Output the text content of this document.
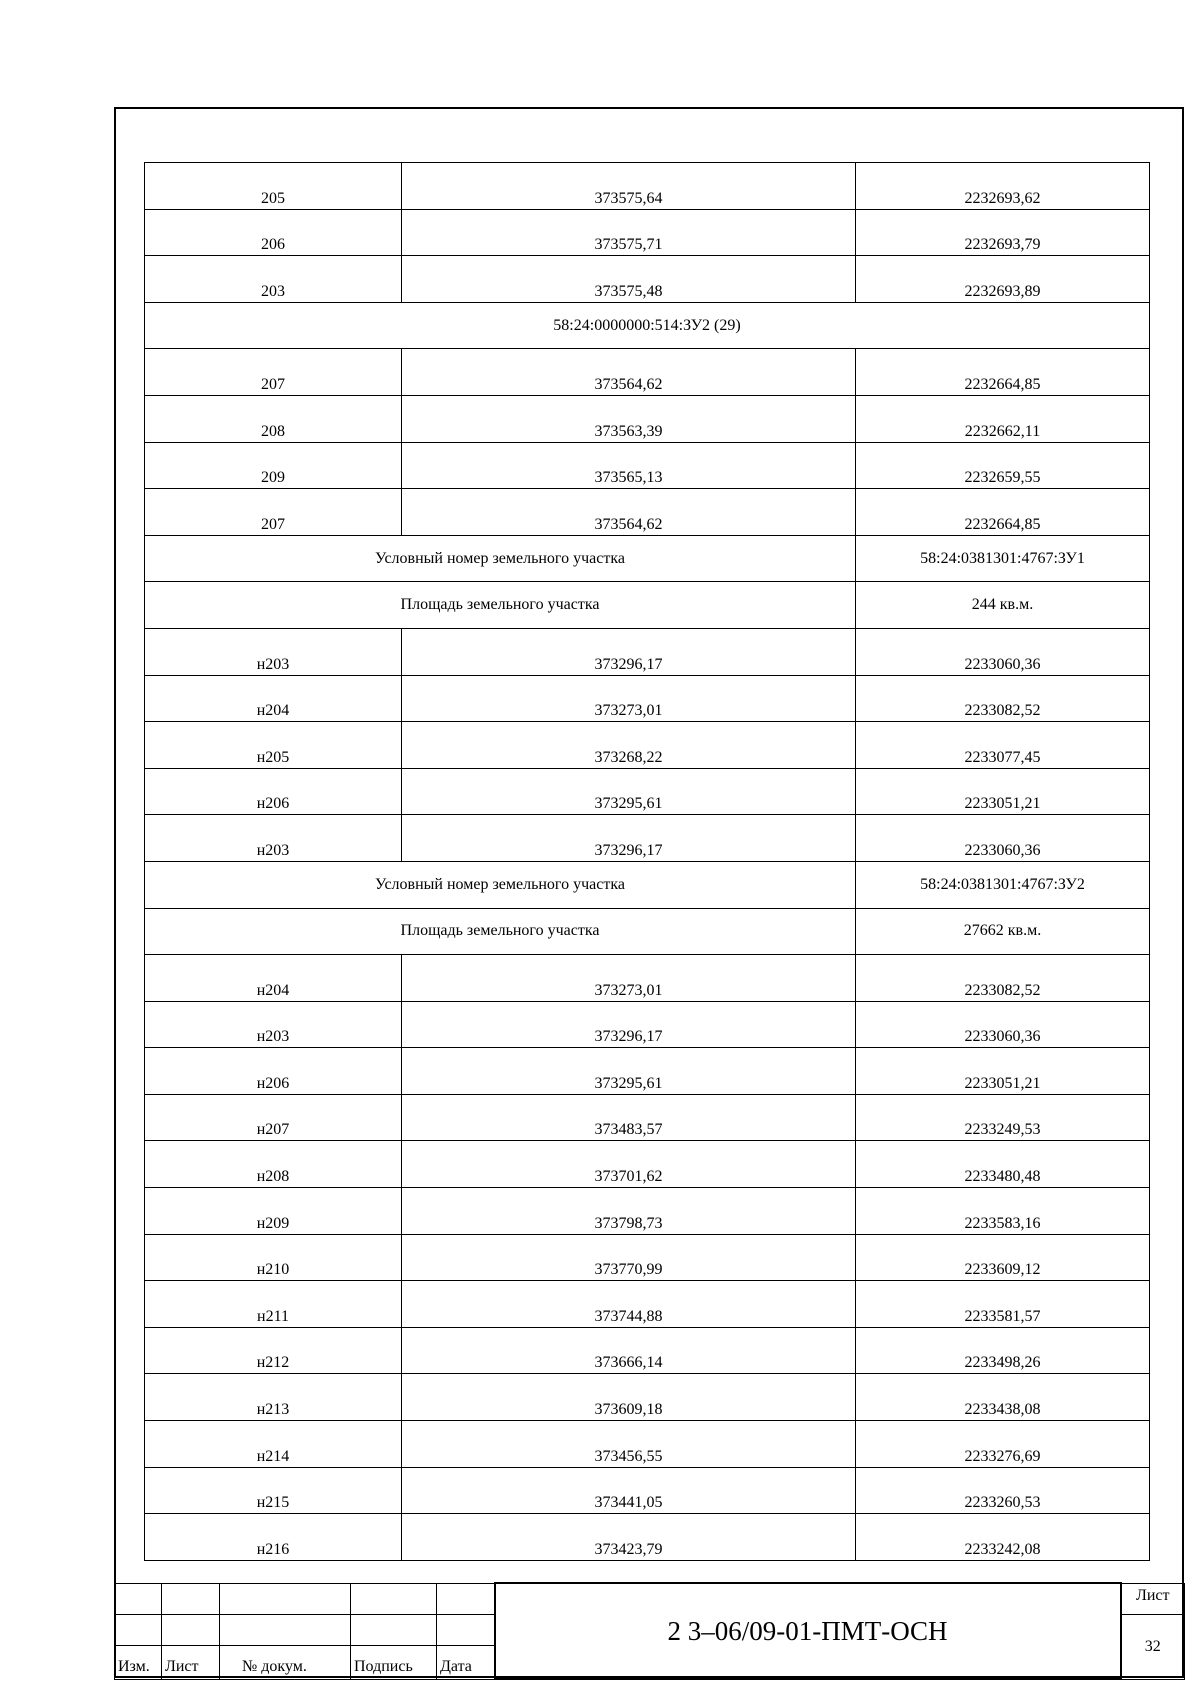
205	373575,64	2232693,62
206	373575,71	2232693,79
203	373575,48	2232693,89
58:24:0000000:514:ЗУ2 (29)		
207	373564,62	2232664,85
208	373563,39	2232662,11
209	373565,13	2232659,55
207	373564,62	2232664,85
Условный номер земельного участка		58:24:0381301:4767:ЗУ1
Площадь земельного участка		244 кв.м.
н203	373296,17	2233060,36
н204	373273,01	2233082,52
н205	373268,22	2233077,45
н206	373295,61	2233051,21
н203	373296,17	2233060,36
Условный номер земельного участка		58:24:0381301:4767:ЗУ2
Площадь земельного участка		27662 кв.м.
н204	373273,01	2233082,52
н203	373296,17	2233060,36
н206	373295,61	2233051,21
н207	373483,57	2233249,53
н208	373701,62	2233480,48
н209	373798,73	2233583,16
н210	373770,99	2233609,12
н211	373744,88	2233581,57
н212	373666,14	2233498,26
н213	373609,18	2233438,08
н214	373456,55	2233276,69
н215	373441,05	2233260,53
н216	373423,79	2233242,08
					2 3–06/09-01-ПМТ-ОСН	Лист
						32
Изм.	Лист	№ докум.	Подпись	Дата		
